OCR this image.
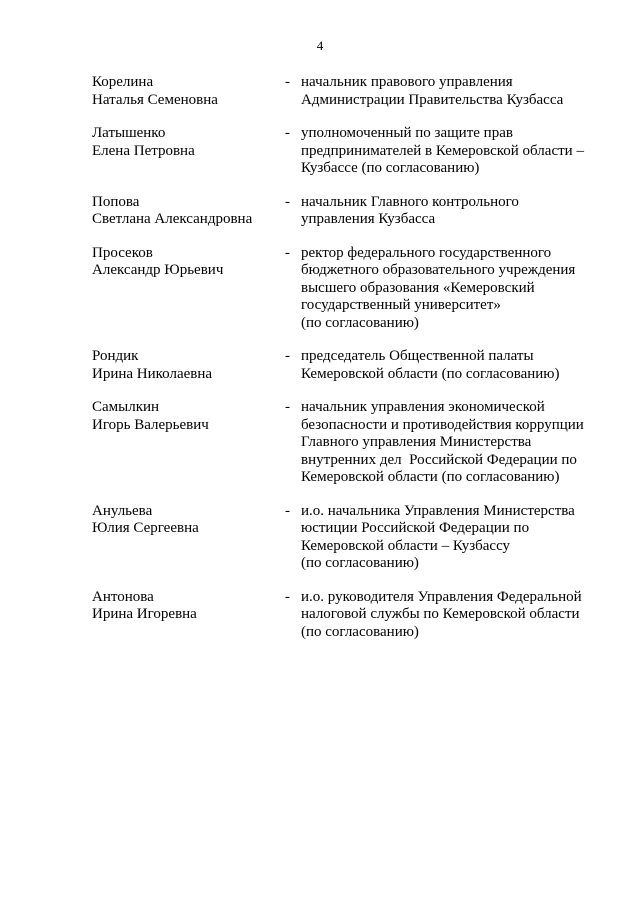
4
Корелина
Наталья Семеновна
- начальник правового управления
Администрации Правительства Кузбасса
Латышенко
Елена Петровна
- уполномоченный по защите прав
предпринимателей в Кемеровской области –
Кузбассе (по согласованию)
Попова
Светлана Александровна
- начальник Главного контрольного
управления Кузбасса
Просеков
Александр Юрьевич
- ректор федерального государственного
бюджетного образовательного учреждения
высшего образования «Кемеровский
государственный университет»
(по согласованию)
Рондик
Ирина Николаевна
- председатель Общественной палаты
Кемеровской области (по согласованию)
Самылкин
Игорь Валерьевич
- начальник управления экономической
безопасности и противодействия коррупции
Главного управления Министерства
внутренних дел  Российской Федерации по
Кемеровской области (по согласованию)
Анульева
Юлия Сергеевна
- и.о. начальника Управления Министерства
юстиции Российской Федерации по
Кемеровской области – Кузбассу
(по согласованию)
Антонова
Ирина Игоревна
- и.о. руководителя Управления Федеральной
налоговой службы по Кемеровской области
(по согласованию)
